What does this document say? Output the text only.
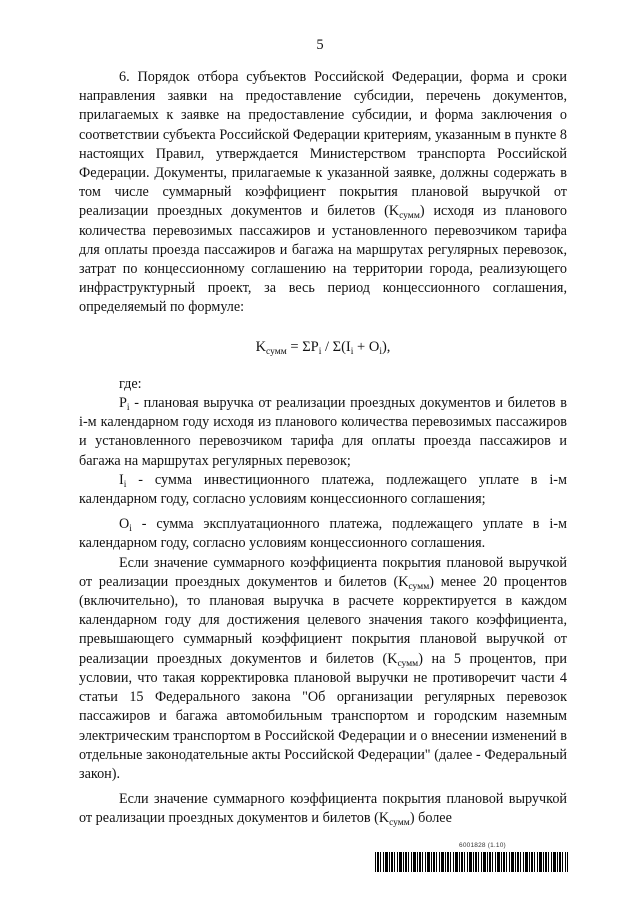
5

6. Порядок отбора субъектов Российской Федерации, форма и сроки направления заявки на предоставление субсидии, перечень документов, прилагаемых к заявке на предоставление субсидии, и форма заключения о соответствии субъекта Российской Федерации критериям, указанным в пункте 8 настоящих Правил, утверждается Министерством транспорта Российской Федерации. Документы, прилагаемые к указанной заявке, должны содержать в том числе суммарный коэффициент покрытия плановой выручкой от реализации проездных документов и билетов $(K_{сумм})$ исходя из планового количества перевозимых пассажиров и установленного перевозчиком тарифа для оплаты проезда пассажиров и багажа на маршрутах регулярных перевозок, затрат по концессионному соглашению на территории города, реализующего инфраструктурный проект, за весь период концессионного соглашения, определяемый по формуле:

$K_{сумм} = \Sigma P_i / \Sigma(I_i + O_i)$,

где:

$P_i$ - плановая выручка от реализации проездных документов и билетов в i-м календарном году исходя из планового количества перевозимых пассажиров и установленного перевозчиком тарифа для оплаты проезда пассажиров и багажа на маршрутах регулярных перевозок;

$I_i$ - сумма инвестиционного платежа, подлежащего уплате в i-м календарном году, согласно условиям концессионного соглашения;

$O_i$ - сумма эксплуатационного платежа, подлежащего уплате в i-м календарном году, согласно условиям концессионного соглашения.

Если значение суммарного коэффициента покрытия плановой выручкой от реализации проездных документов и билетов $(K_{сумм})$ менее 20 процентов (включительно), то плановая выручка в расчете корректируется в каждом календарном году для достижения целевого значения такого коэффициента, превышающего суммарный коэффициент покрытия плановой выручкой от реализации проездных документов и билетов $(K_{сумм})$ на 5 процентов, при условии, что такая корректировка плановой выручки не противоречит части 4 статьи 15 Федерального закона "Об организации регулярных перевозок пассажиров и багажа автомобильным транспортом и городским наземным электрическим транспортом в Российской Федерации и о внесении изменений в отдельные законодательные акты Российской Федерации" (далее - Федеральный закон).

Если значение суммарного коэффициента покрытия плановой выручкой от реализации проездных документов и билетов $(K_{сумм})$ более

6001828 (1.10)
